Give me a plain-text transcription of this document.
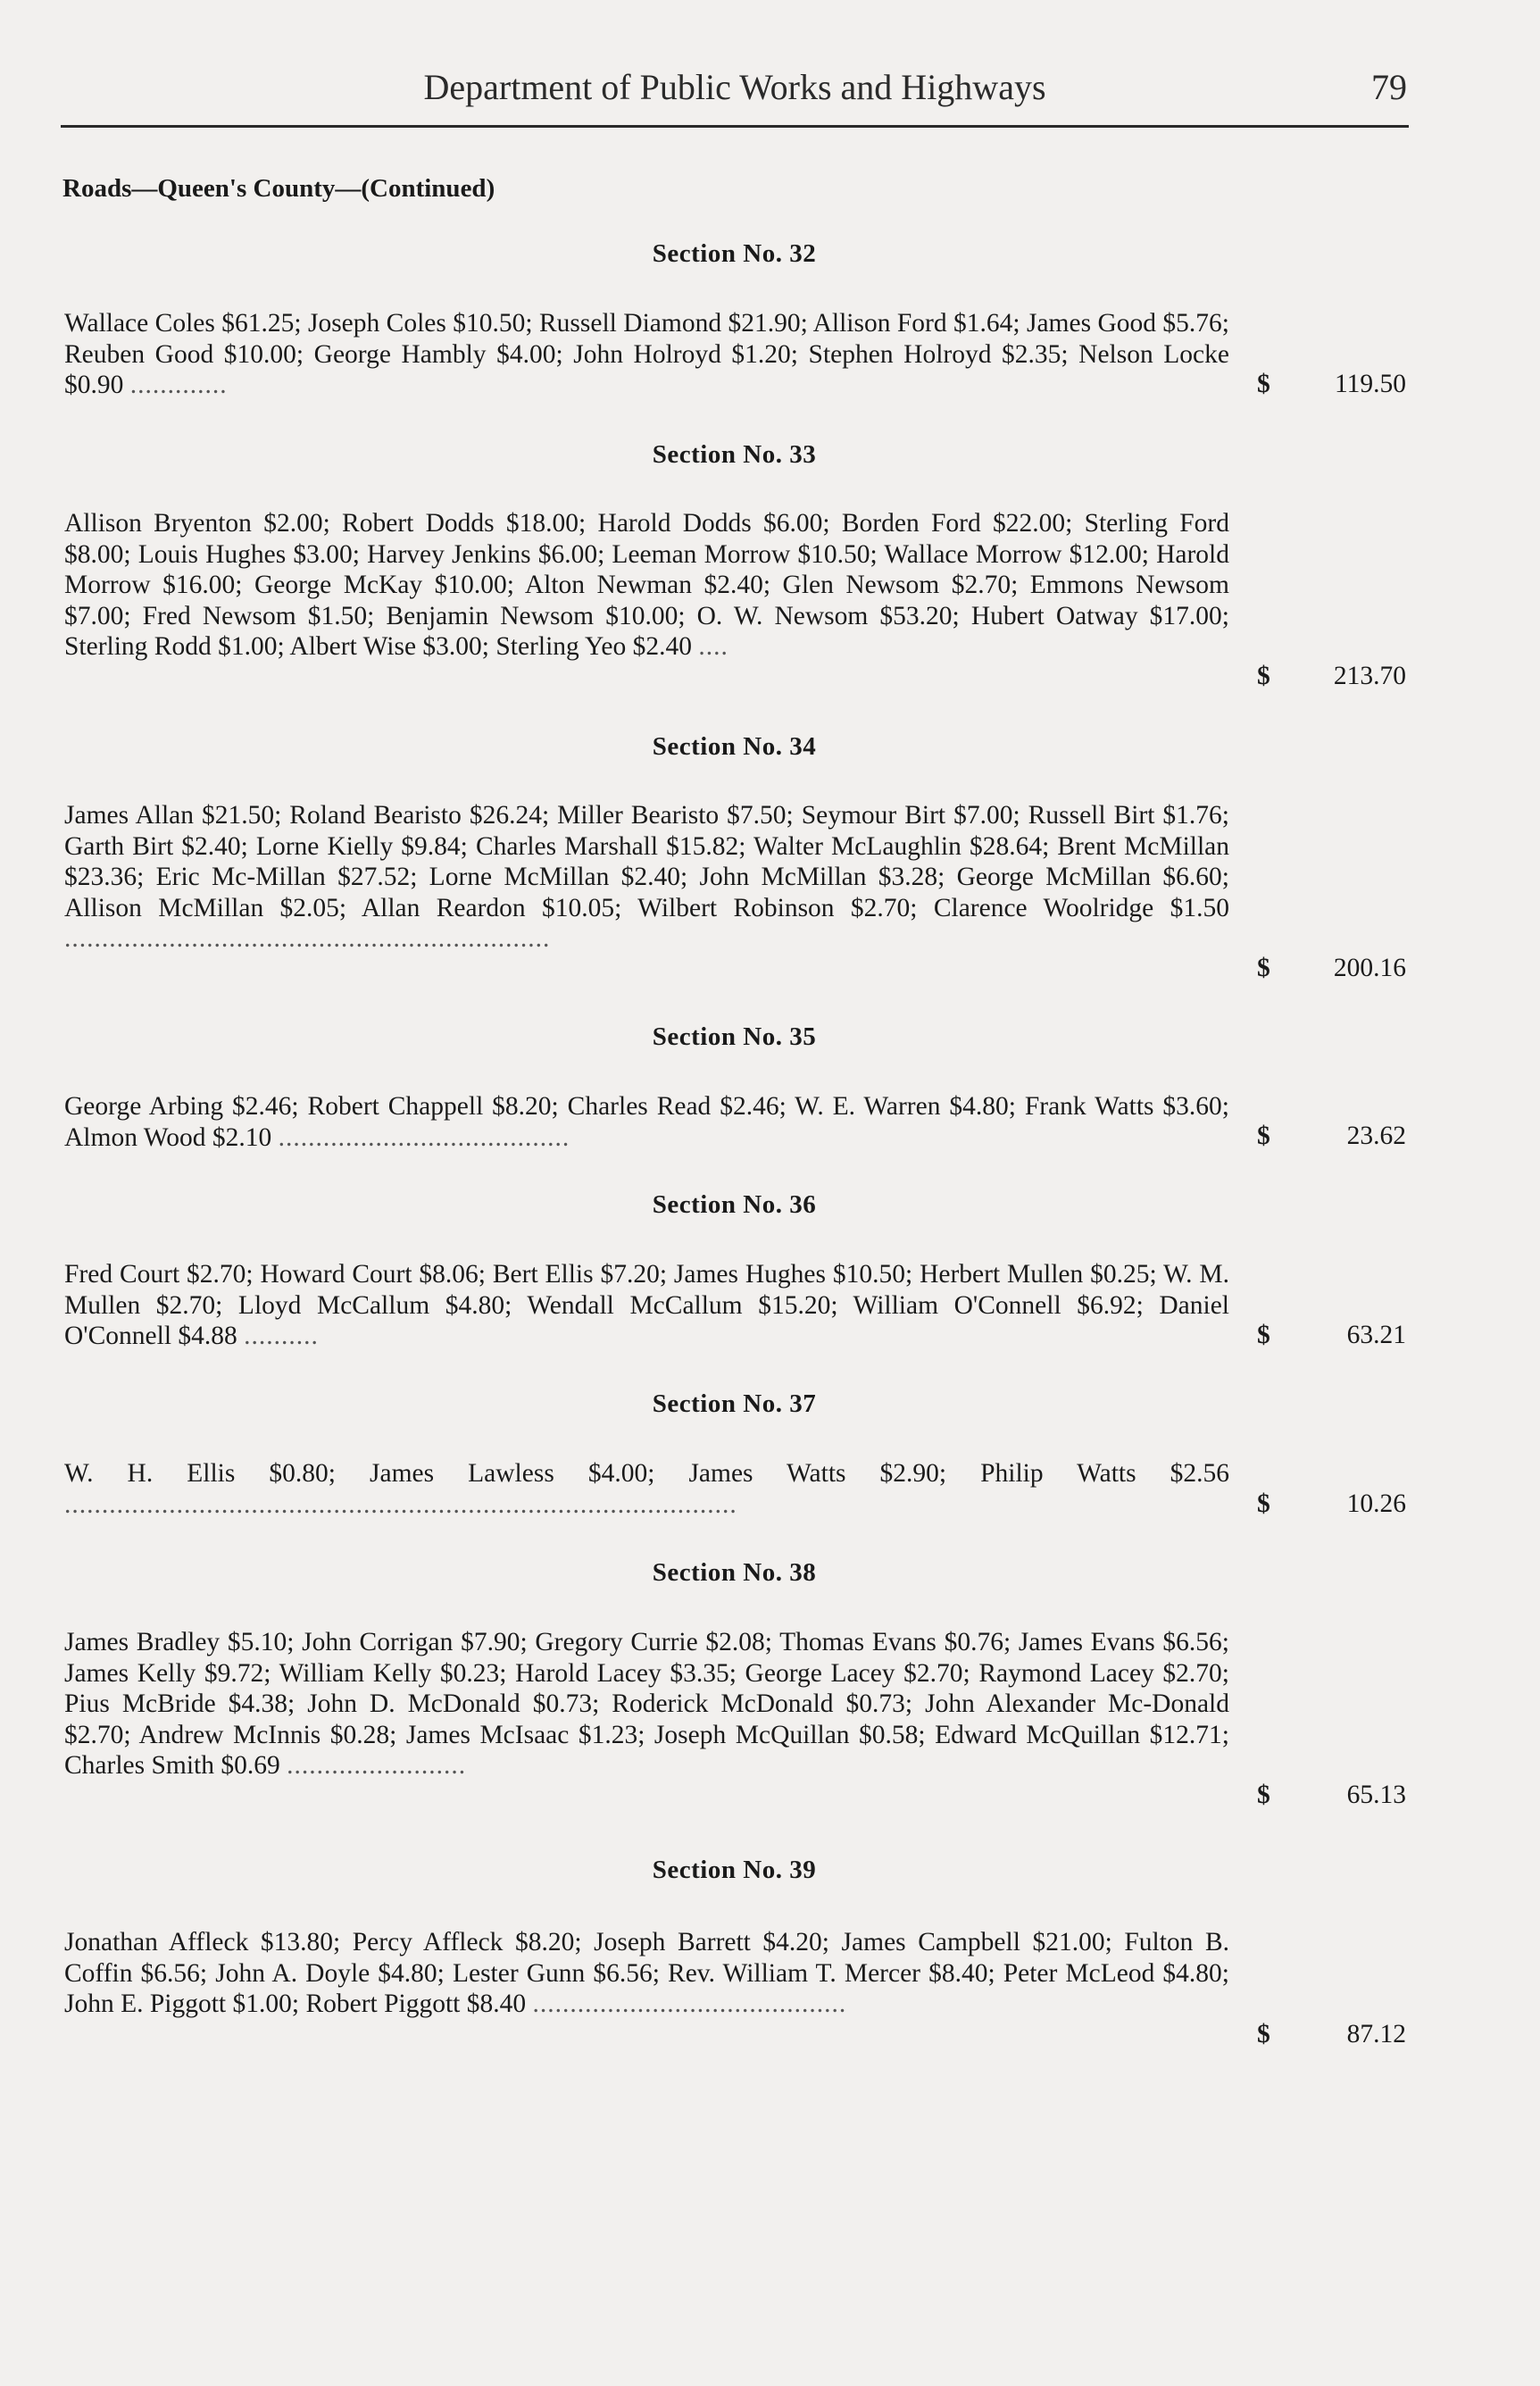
Department of Public Works and Highways	79
Roads—Queen's County—(Continued)
Section No. 32
Wallace Coles $61.25; Joseph Coles $10.50; Russell Diamond $21.90; Allison Ford $1.64; James Good $5.76; Reuben Good $10.00; George Hambly $4.00; John Holroyd $1.20; Stephen Holroyd $2.35; Nelson Locke $0.90 .............	$ 119.50
Section No. 33
Allison Bryenton $2.00; Robert Dodds $18.00; Harold Dodds $6.00; Borden Ford $22.00; Sterling Ford $8.00; Louis Hughes $3.00; Harvey Jenkins $6.00; Leeman Morrow $10.50; Wallace Morrow $12.00; Harold Morrow $16.00; George McKay $10.00; Alton Newman $2.40; Glen Newsom $2.70; Emmons Newsom $7.00; Fred Newsom $1.50; Benjamin Newsom $10.00; O. W. Newsom $53.20; Hubert Oatway $17.00; Sterling Rodd $1.00; Albert Wise $3.00; Sterling Yeo $2.40 ....
$ 213.70
Section No. 34
James Allan $21.50; Roland Bearisto $26.24; Miller Bearisto $7.50; Seymour Birt $7.00; Russell Birt $1.76; Garth Birt $2.40; Lorne Kielly $9.84; Charles Marshall $15.82; Walter McLaughlin $28.64; Brent McMillan $23.36; Eric Mc-Millan $27.52; Lorne McMillan $2.40; John McMillan $3.28; George McMillan $6.60; Allison McMillan $2.05; Allan Reardon $10.05; Wilbert Robinson $2.70; Clarence Woolridge $1.50 .................................................................
$ 200.16
Section No. 35
George Arbing $2.46; Robert Chappell $8.20; Charles Read $2.46; W. E. Warren $4.80; Frank Watts $3.60; Almon Wood $2.10 .......................................	$	23.62
Section No. 36
Fred Court $2.70; Howard Court $8.06; Bert Ellis $7.20; James Hughes $10.50; Herbert Mullen $0.25; W. M. Mullen $2.70; Lloyd McCallum $4.80; Wendall McCallum $15.20; William O'Connell $6.92; Daniel O'Connell $4.88 ..........	$	63.21
Section No. 37
W. H. Ellis $0.80; James Lawless $4.00; James Watts $2.90; Philip Watts $2.56 ..........................................................................................	$	10.26
Section No. 38
James Bradley $5.10; John Corrigan $7.90; Gregory Currie $2.08; Thomas Evans $0.76; James Evans $6.56; James Kelly $9.72; William Kelly $0.23; Harold Lacey $3.35; George Lacey $2.70; Raymond Lacey $2.70; Pius McBride $4.38; John D. McDonald $0.73; Roderick McDonald $0.73; John Alexander Mc-Donald $2.70; Andrew McInnis $0.28; James McIsaac $1.23; Joseph McQuillan $0.58; Edward McQuillan $12.71; Charles Smith $0.69 ........................
$	65.13
Section No. 39
Jonathan Affleck $13.80; Percy Affleck $8.20; Joseph Barrett $4.20; James Campbell $21.00; Fulton B. Coffin $6.56; John A. Doyle $4.80; Lester Gunn $6.56; Rev. William T. Mercer $8.40; Peter McLeod $4.80; John E. Piggott $1.00; Robert Piggott $8.40 ..........................................
$	87.12
